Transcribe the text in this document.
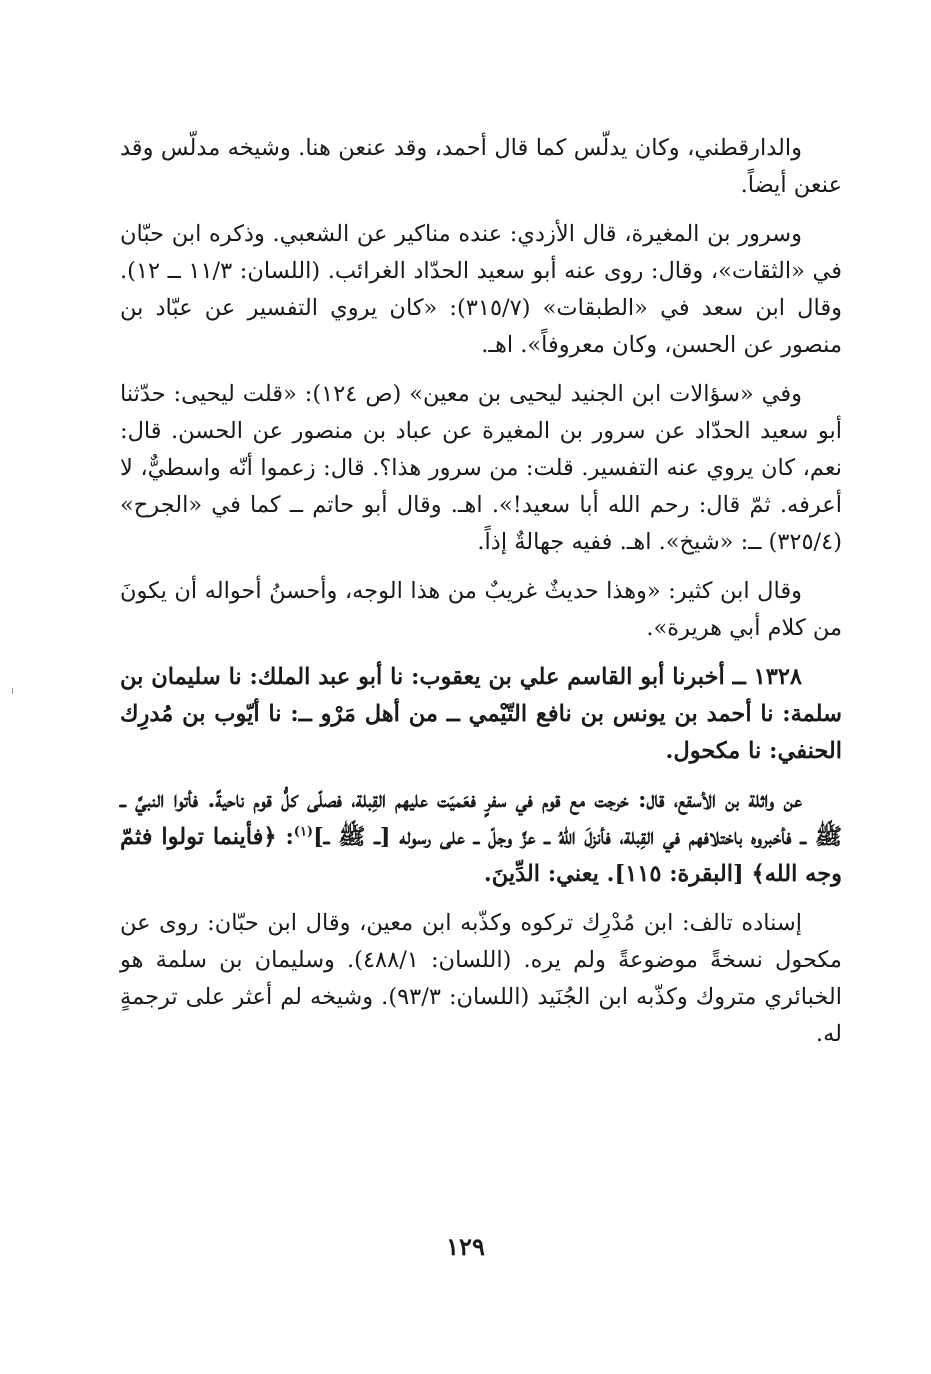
والدارقطني، وكان يدلّس كما قال أحمد، وقد عنعن هنا. وشيخه مدلّس وقد عنعن أيضاً.

وسرور بن المغيرة، قال الأزدي: عنده مناكير عن الشعبي. وذكره ابن حبّان في «الثقات»، وقال: روى عنه أبو سعيد الحدّاد الغرائب. (اللسان: ١١/٣ ــ ١٢). وقال ابن سعد في «الطبقات» (٣١٥/٧): «كان يروي التفسير عن عبّاد بن منصور عن الحسن، وكان معروفاً». اهـ.

وفي «سؤالات ابن الجنيد ليحيى بن معين» (ص ١٢٤): «قلت ليحيى: حدّثنا أبو سعيد الحدّاد عن سرور بن المغيرة عن عباد بن منصور عن الحسن. قال: نعم، كان يروي عنه التفسير. قلت: من سرور هذا؟. قال: زعموا أنّه واسطيٌّ، لا أعرفه. ثمّ قال: رحم الله أبا سعيد!». اهـ. وقال أبو حاتم ــ كما في «الجرح» (٣٢٥/٤) ــ: «شيخ». اهـ. ففيه جهالةٌ إذاً.

وقال ابن كثير: «وهذا حديثٌ غريبٌ من هذا الوجه، وأحسنُ أحواله أن يكونَ من كلام أبي هريرة».

١٣٢٨ ــ أخبرنا أبو القاسم علي بن يعقوب: نا أبو عبد الملك: نا سليمان بن سلمة: نا أحمد بن يونس بن نافع التّيْمي ــ من أهل مَرْو ــ: نا أيّوب بن مُدرِك الحنفي: نا مكحول.

عن واثلة بن الأسقع، قال: خرجت مع قوم في سفرٍ فعَميَت عليهم القِبلة، فصلّى كلُّ قوم ناحيةً. فأتوا النبيَّ ــ ﷺ ــ فأخبروه باختلافهم في القِبلة، فأنزلَ اللّهُ ــ عزَّ وجلّ ــ على رسوله [ــ ﷺ ــ]$^{(١)}$: ﴿فأينما تولوا فثمّ وجه الله﴾ [البقرة: ١١٥]. يعني: الدِّينَ.

إسناده تالف: ابن مُدْرِك تركوه وكذّبه ابن معين، وقال ابن حبّان: روى عن مكحول نسخةً موضوعةً ولم يره. (اللسان: ٤٨٨/١). وسليمان بن سلمة هو الخبائري متروك وكذّبه ابن الجُنَيد (اللسان: ٩٣/٣). وشيخه لم أعثر على ترجمةٍ له.

١٢٩
